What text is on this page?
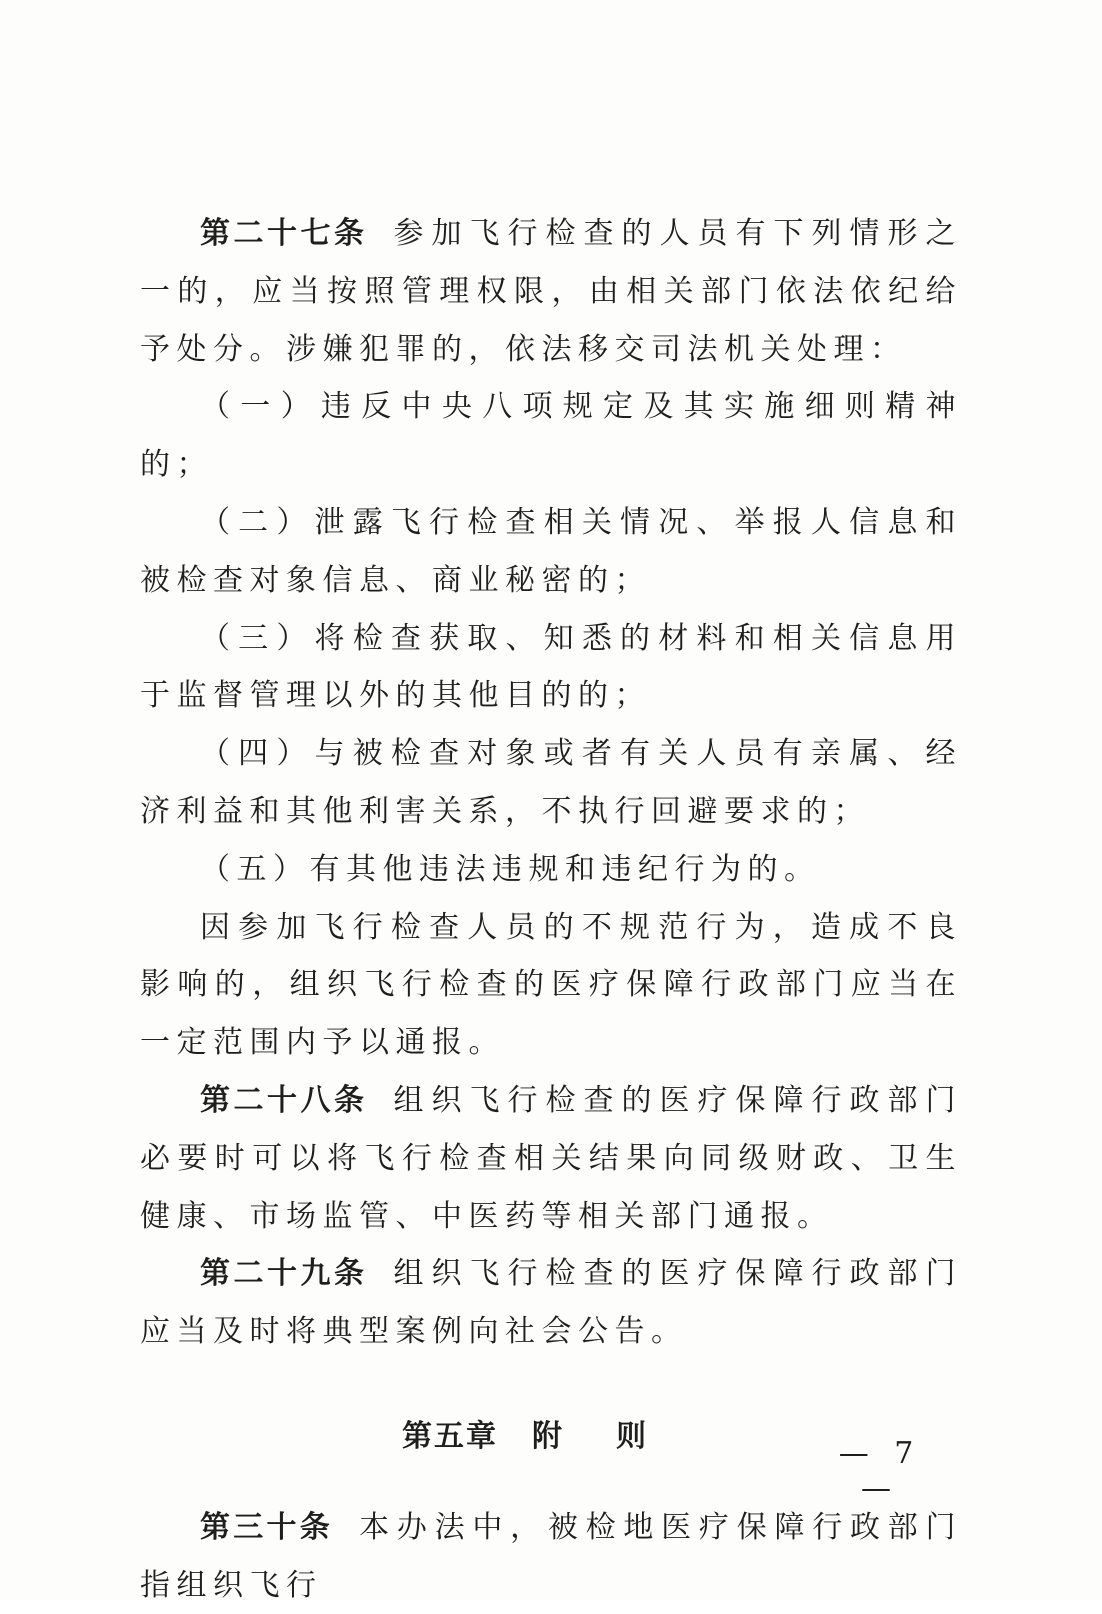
第二十七条 参加飞行检查的人员有下列情形之一的，应当按照管理权限，由相关部门依法依纪给予处分。涉嫌犯罪的，依法移交司法机关处理：

（一）违反中央八项规定及其实施细则精神的；

（二）泄露飞行检查相关情况、举报人信息和被检查对象信息、商业秘密的；

（三）将检查获取、知悉的材料和相关信息用于监督管理以外的其他目的的；

（四）与被检查对象或者有关人员有亲属、经济利益和其他利害关系，不执行回避要求的；

（五）有其他违法违规和违纪行为的。

因参加飞行检查人员的不规范行为，造成不良影响的，组织飞行检查的医疗保障行政部门应当在一定范围内予以通报。

第二十八条 组织飞行检查的医疗保障行政部门必要时可以将飞行检查相关结果向同级财政、卫生健康、市场监管、中医药等相关部门通报。

第二十九条 组织飞行检查的医疗保障行政部门应当及时将典型案例向社会公告。

第五章 附则

第三十条 本办法中，被检地医疗保障行政部门指组织飞行

— 7 —
